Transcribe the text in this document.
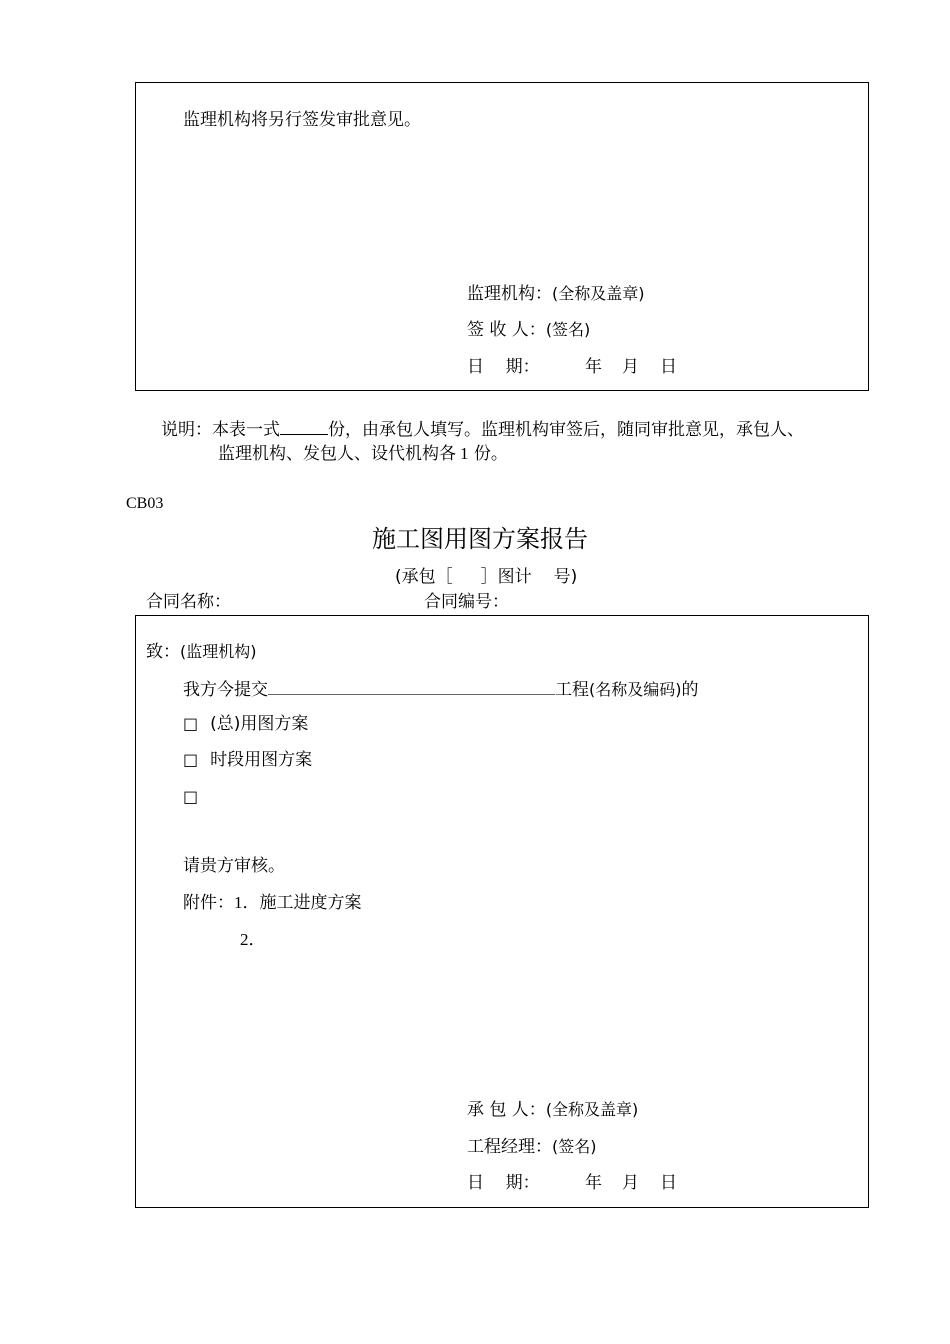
监理机构将另行签发审批意见。
监理机构：(全称及盖章)
签 收 人：(签名)
日    期：	年 月 日
说明：本表一式	份，由承包人填写。监理机构审签后，随同审批意见，承包人、
监理机构、发包人、设代机构各 1 份。
CB03
施工图用图方案报告
(承包［ ］图计 号)
合同名称：	合同编号：
致：(监理机构)
我方今提交	工程(名称及编码)的
□ (总)用图方案
□ 时段用图方案
□
请贵方审核。
附件：1．施工进度方案
2．
承 包 人：(全称及盖章)
工程经理：(签名)
日    期：	年 月 日
